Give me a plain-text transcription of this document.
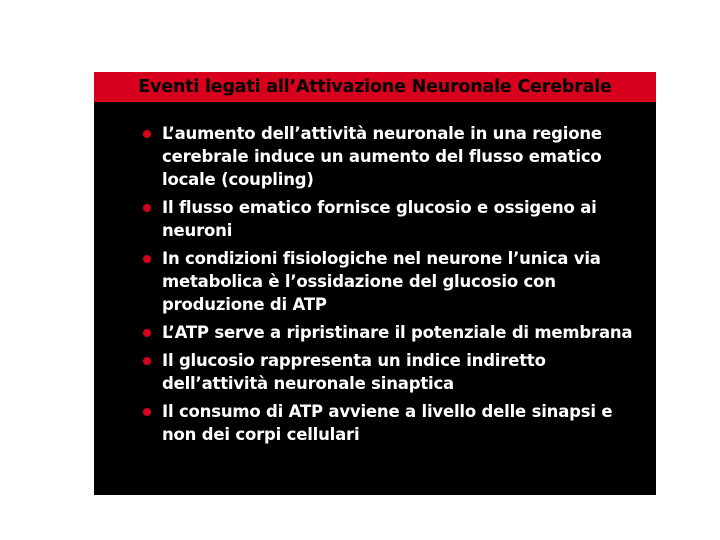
Eventi legati all’Attivazione Neuronale Cerebrale
L’aumento dell’attività neuronale in una regione cerebrale induce un aumento del flusso ematico locale (coupling)
Il flusso ematico fornisce glucosio e ossigeno ai neuroni
In condizioni fisiologiche nel neurone l’unica via metabolica è l’ossidazione del glucosio con produzione di ATP
L’ATP serve a ripristinare il potenziale di membrana
Il glucosio rappresenta un indice indiretto dell’attività neuronale sinaptica
Il consumo di ATP avviene a livello delle sinapsi e non dei corpi cellulari
